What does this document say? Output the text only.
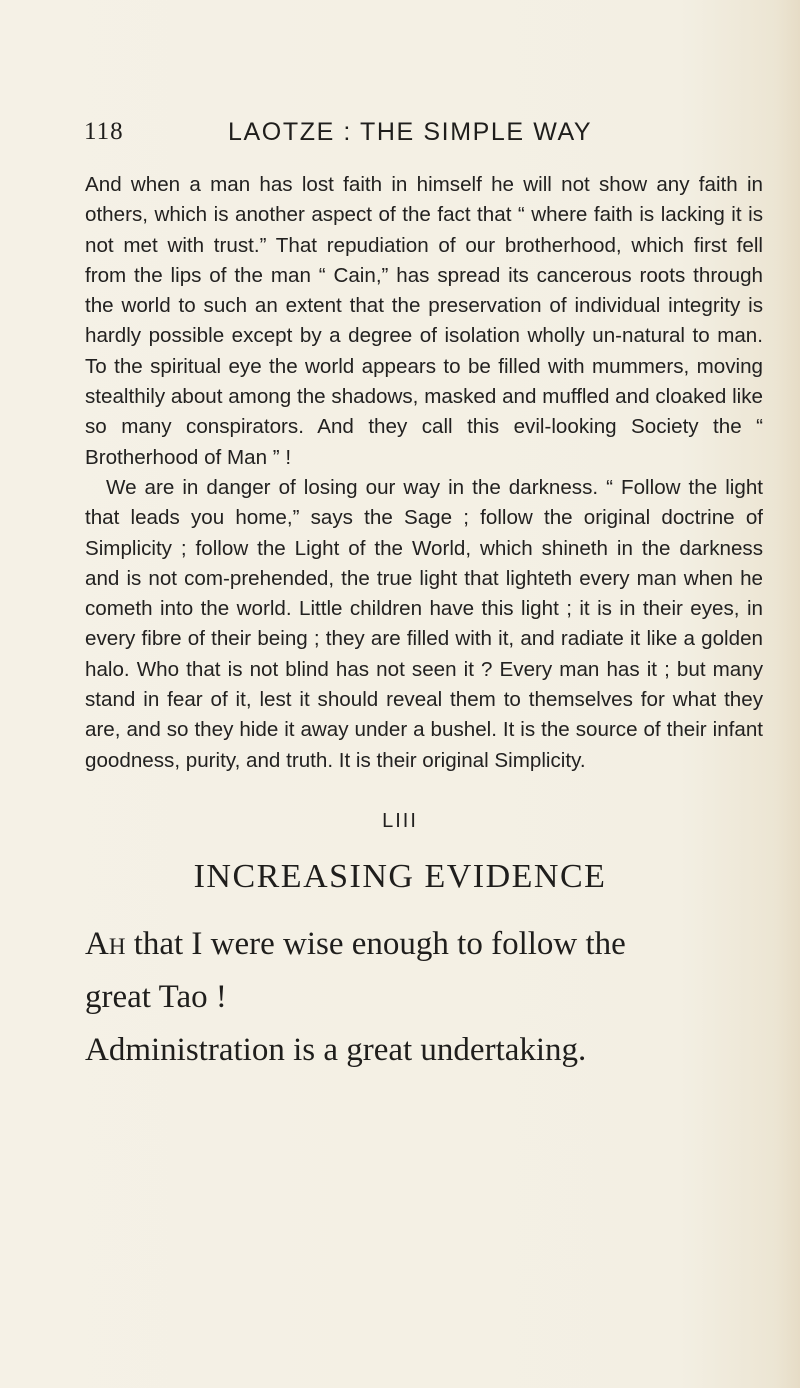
118	LAOTZE : THE SIMPLE WAY

And when a man has lost faith in himself he will not show any faith in others, which is another aspect of the fact that “ where faith is lacking it is not met with trust.” That repudiation of our brotherhood, which first fell from the lips of the man “ Cain,” has spread its cancerous roots through the world to such an extent that the preservation of individual integrity is hardly possible except by a degree of isolation wholly un-natural to man. To the spiritual eye the world appears to be filled with mummers, moving stealthily about among the shadows, masked and muffled and cloaked like so many conspirators. And they call this evil-looking Society the “ Brotherhood of Man ” !

We are in danger of losing our way in the darkness. “ Follow the light that leads you home,” says the Sage ; follow the original doctrine of Simplicity ; follow the Light of the World, which shineth in the darkness and is not com-prehended, the true light that lighteth every man when he cometh into the world. Little children have this light ; it is in their eyes, in every fibre of their being ; they are filled with it, and radiate it like a golden halo. Who that is not blind has not seen it ? Every man has it ; but many stand in fear of it, lest it should reveal them to themselves for what they are, and so they hide it away under a bushel. It is the source of their infant goodness, purity, and truth. It is their original Simplicity.

LIII
INCREASING EVIDENCE
Ah that I were wise enough to follow the
great Tao !
Administration is a great undertaking.
